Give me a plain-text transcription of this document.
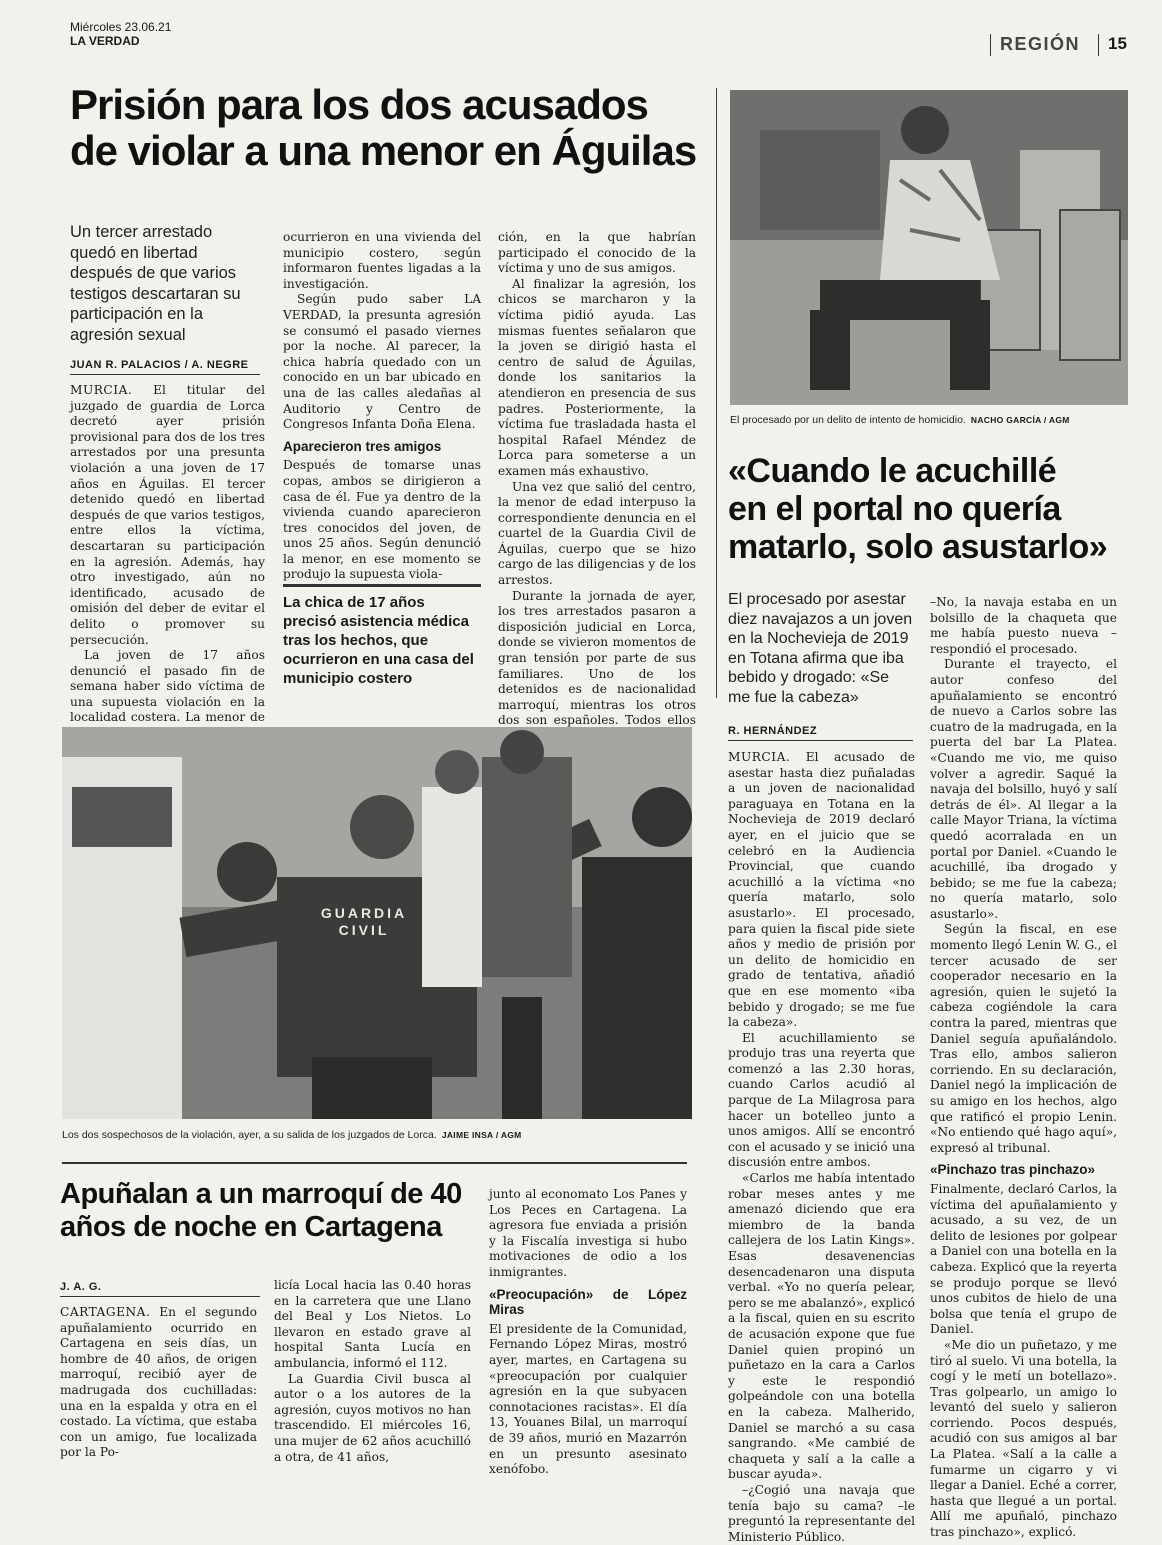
Miércoles 23.06.21
LA VERDAD	REGIÓN 15
Prisión para los dos acusados
de violar a una menor en Águilas
Un tercer arrestado quedó en libertad después de que varios testigos descartaran su participación en la agresión sexual
JUAN R. PALACIOS / A. NEGRE

MURCIA. El titular del juzgado de guardia de Lorca decretó ayer prisión provisional para dos de los tres arrestados por una presunta violación a una joven de 17 años en Águilas. El tercer detenido quedó en libertad después de que varios testigos, entre ellos la víctima, descartaran su participación en la agresión. Además, hay otro investigado, aún no identificado, acusado de omisión del deber de evitar el delito o promover su persecución.

La joven de 17 años denunció el pasado fin de semana haber sido víctima de una supuesta violación en la localidad costera. La menor de

ocurrieron en una vivienda del municipio costero, según informaron fuentes ligadas a la investigación.

Según pudo saber LA VERDAD, la presunta agresión se consumó el pasado viernes por la noche. Al parecer, la chica habría quedado con un conocido en un bar ubicado en una de las calles aledañas al Auditorio y Centro de Congresos Infanta Doña Elena.

Aparecieron tres amigos

Después de tomarse unas copas, ambos se dirigieron a casa de él. Fue ya dentro de la vivienda cuando aparecieron tres conocidos del joven, de unos 25 años. Según denunció la menor, en ese momento se produjo la supuesta viola-

La chica de 17 años precisó asistencia médica tras los hechos, que ocurrieron en una casa del municipio costero

ción, en la que habrían participado el conocido de la víctima y uno de sus amigos.

Al finalizar la agresión, los chicos se marcharon y la víctima pidió ayuda. Las mismas fuentes señalaron que la joven se dirigió hasta el centro de salud de Águilas, donde los sanitarios la atendieron en presencia de sus padres. Posteriormente, la víctima fue trasladada hasta el hospital Rafael Méndez de Lorca para someterse a un examen más exhaustivo.

Una vez que salió del centro, la menor de edad interpuso la correspondiente denuncia en el cuartel de la Guardia Civil de Águilas, cuerpo que se hizo cargo de las diligencias y de los arrestos.

Durante la jornada de ayer, los tres arrestados pasaron a disposición judicial en Lorca, donde se vivieron momentos de gran tensión por parte de sus familiares. Uno de los detenidos es de nacionalidad marroquí, mientras los otros dos son españoles. Todos ellos

El procesado por un delito de intento de homicidio. NACHO GARCÍA / AGM
«Cuando le acuchillé
en el portal no quería
matarlo, solo asustarlo»
El procesado por asestar diez navajazos a un joven en la Nochevieja de 2019 en Totana afirma que iba bebido y drogado: «Se me fue la cabeza»
R. HERNÁNDEZ

MURCIA. El acusado de asestar hasta diez puñaladas a un joven de nacionalidad paraguaya en Totana en la Nochevieja de 2019 declaró ayer, en el juicio que se celebró en la Audiencia Provincial, que cuando acuchilló a la víctima «no quería matarlo, solo asustarlo». El procesado, para quien la fiscal pide siete años y medio de prisión por un delito de homicidio en grado de tentativa, añadió que en ese momento «iba bebido y drogado; se me fue la cabeza».

El acuchillamiento se produjo tras una reyerta que comenzó a las 2.30 horas, cuando Carlos acudió al parque de La Milagrosa para hacer un botelleo junto a unos amigos. Allí se encontró con el acusado y se inició una discusión entre ambos.

«Carlos me había intentado robar meses antes y me amenazó diciendo que era miembro de la banda callejera de los Latin Kings». Esas desavenencias desencadenaron una disputa verbal. «Yo no quería pelear, pero se me abalanzó», explicó a la fiscal, quien en su escrito de acusación expone que fue Daniel quien propinó un puñetazo en la cara a Carlos y este le respondió golpeándole con una botella en la cabeza. Malherido, Daniel se marchó a su casa sangrando. «Me cambié de chaqueta y salí a la calle a buscar ayuda».

–¿Cogió una navaja que tenía bajo su cama? –le preguntó la representante del Ministerio Público.

–No, la navaja estaba en un bolsillo de la chaqueta que me había puesto nueva –respondió el procesado.

Durante el trayecto, el autor confeso del apuñalamiento se encontró de nuevo a Carlos sobre las cuatro de la madrugada, en la puerta del bar La Platea. «Cuando me vio, me quiso volver a agredir. Saqué la navaja del bolsillo, huyó y salí detrás de él». Al llegar a la calle Mayor Triana, la víctima quedó acorralada en un portal por Daniel. «Cuando le acuchillé, iba drogado y bebido; se me fue la cabeza; no quería matarlo, solo asustarlo».

Según la fiscal, en ese momento llegó Lenin W. G., el tercer acusado de ser cooperador necesario en la agresión, quien le sujetó la cabeza cogiéndole la cara contra la pared, mientras que Daniel seguía apuñalándolo. Tras ello, ambos salieron corriendo. En su declaración, Daniel negó la implicación de su amigo en los hechos, algo que ratificó el propio Lenin. «No entiendo qué hago aquí», expresó al tribunal.

«Pinchazo tras pinchazo»

Finalmente, declaró Carlos, la víctima del apuñalamiento y acusado, a su vez, de un delito de lesiones por golpear a Daniel con una botella en la cabeza. Explicó que la reyerta se produjo porque se llevó unos cubitos de hielo de una bolsa que tenía el grupo de Daniel.

«Me dio un puñetazo, y me tiró al suelo. Vi una botella, la cogí y le metí un botellazo». Tras golpearlo, un amigo lo levantó del suelo y salieron corriendo. Pocos después, acudió con sus amigos al bar La Platea. «Salí a la calle a fumarme un cigarro y vi llegar a Daniel. Eché a correr, hasta que llegué a un portal. Allí me apuñaló, pinchazo tras pinchazo», explicó.

GUARDIA CIVIL
Los dos sospechosos de la violación, ayer, a su salida de los juzgados de Lorca. JAIME INSA / AGM
Apuñalan a un marroquí de 40
años de noche en Cartagena
J. A. G.

CARTAGENA. En el segundo apuñalamiento ocurrido en Cartagena en seis días, un hombre de 40 años, de origen marroquí, recibió ayer de madrugada dos cuchilladas: una en la espalda y otra en el costado. La víctima, que estaba con un amigo, fue localizada por la Po-

licía Local hacia las 0.40 horas en la carretera que une Llano del Beal y Los Nietos. Lo llevaron en estado grave al hospital Santa Lucía en ambulancia, informó el 112.

La Guardia Civil busca al autor o a los autores de la agresión, cuyos motivos no han trascendido. El miércoles 16, una mujer de 62 años acuchilló a otra, de 41 años,

junto al economato Los Panes y Los Peces en Cartagena. La agresora fue enviada a prisión y la Fiscalía investiga si hubo motivaciones de odio a los inmigrantes.

«Preocupación» de López Miras

El presidente de la Comunidad, Fernando López Miras, mostró ayer, martes, en Cartagena su «preocupación por cualquier agresión en la que subyacen connotaciones racistas». El día 13, Youanes Bilal, un marroquí de 39 años, murió en Mazarrón en un presunto asesinato xenófobo.
